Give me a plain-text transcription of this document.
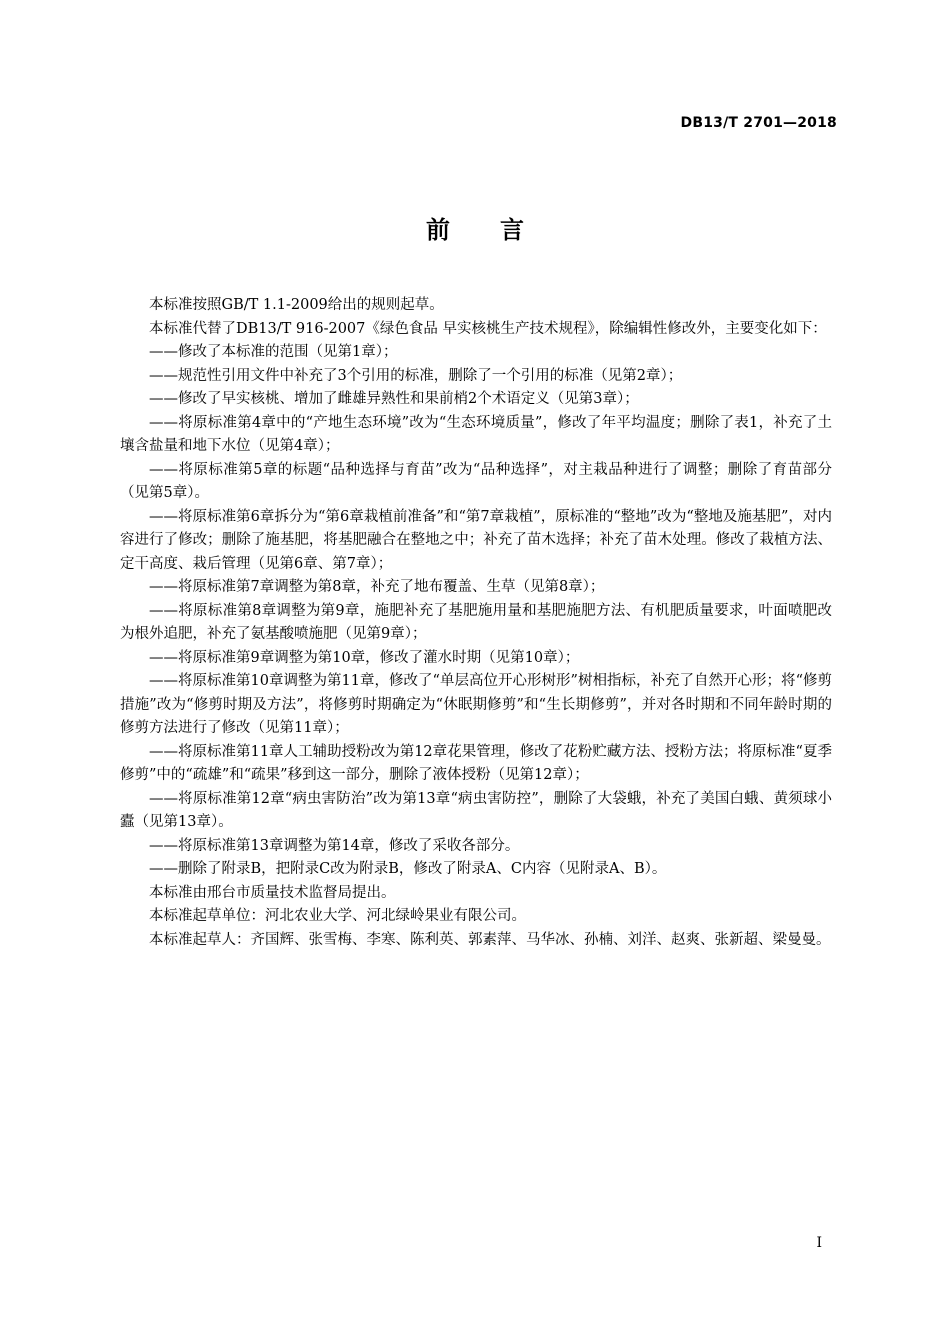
DB13/T 2701—2018
前言

本标准按照GB/T 1.1-2009给出的规则起草。

本标准代替了DB13/T 916-2007《绿色食品 早实核桃生产技术规程》，除编辑性修改外，主要变化如下：

——修改了本标准的范围（见第1章）；

——规范性引用文件中补充了3个引用的标准，删除了一个引用的标准（见第2章）；

——修改了早实核桃、增加了雌雄异熟性和果前梢2个术语定义（见第3章）；

——将原标准第4章中的“产地生态环境”改为“生态环境质量”，修改了年平均温度；删除了表1，补充了土壤含盐量和地下水位（见第4章）；

——将原标准第5章的标题“品种选择与育苗”改为“品种选择”，对主栽品种进行了调整；删除了育苗部分（见第5章）。

——将原标准第6章拆分为“第6章栽植前准备”和“第7章栽植”，原标准的“整地”改为“整地及施基肥”，对内容进行了修改；删除了施基肥，将基肥融合在整地之中；补充了苗木选择；补充了苗木处理。修改了栽植方法、定干高度、栽后管理（见第6章、第7章）；

——将原标准第7章调整为第8章，补充了地布覆盖、生草（见第8章）；

——将原标准第8章调整为第9章，施肥补充了基肥施用量和基肥施肥方法、有机肥质量要求，叶面喷肥改为根外追肥，补充了氨基酸喷施肥（见第9章）；

——将原标准第9章调整为第10章，修改了灌水时期（见第10章）；

——将原标准第10章调整为第11章，修改了“单层高位开心形树形”树相指标，补充了自然开心形；将“修剪措施”改为“修剪时期及方法”，将修剪时期确定为“休眠期修剪”和“生长期修剪”，并对各时期和不同年龄时期的修剪方法进行了修改（见第11章）；

——将原标准第11章人工辅助授粉改为第12章花果管理，修改了花粉贮藏方法、授粉方法；将原标准“夏季修剪”中的“疏雄”和“疏果”移到这一部分，删除了液体授粉（见第12章）；

——将原标准第12章“病虫害防治”改为第13章“病虫害防控”，删除了大袋蛾，补充了美国白蛾、黄须球小蠹（见第13章）。

——将原标准第13章调整为第14章，修改了采收各部分。

——删除了附录B，把附录C改为附录B，修改了附录A、C内容（见附录A、B）。

本标准由邢台市质量技术监督局提出。

本标准起草单位：河北农业大学、河北绿岭果业有限公司。

本标准起草人：齐国辉、张雪梅、李寒、陈利英、郭素萍、马华冰、孙楠、刘洋、赵爽、张新超、梁曼曼。

I
